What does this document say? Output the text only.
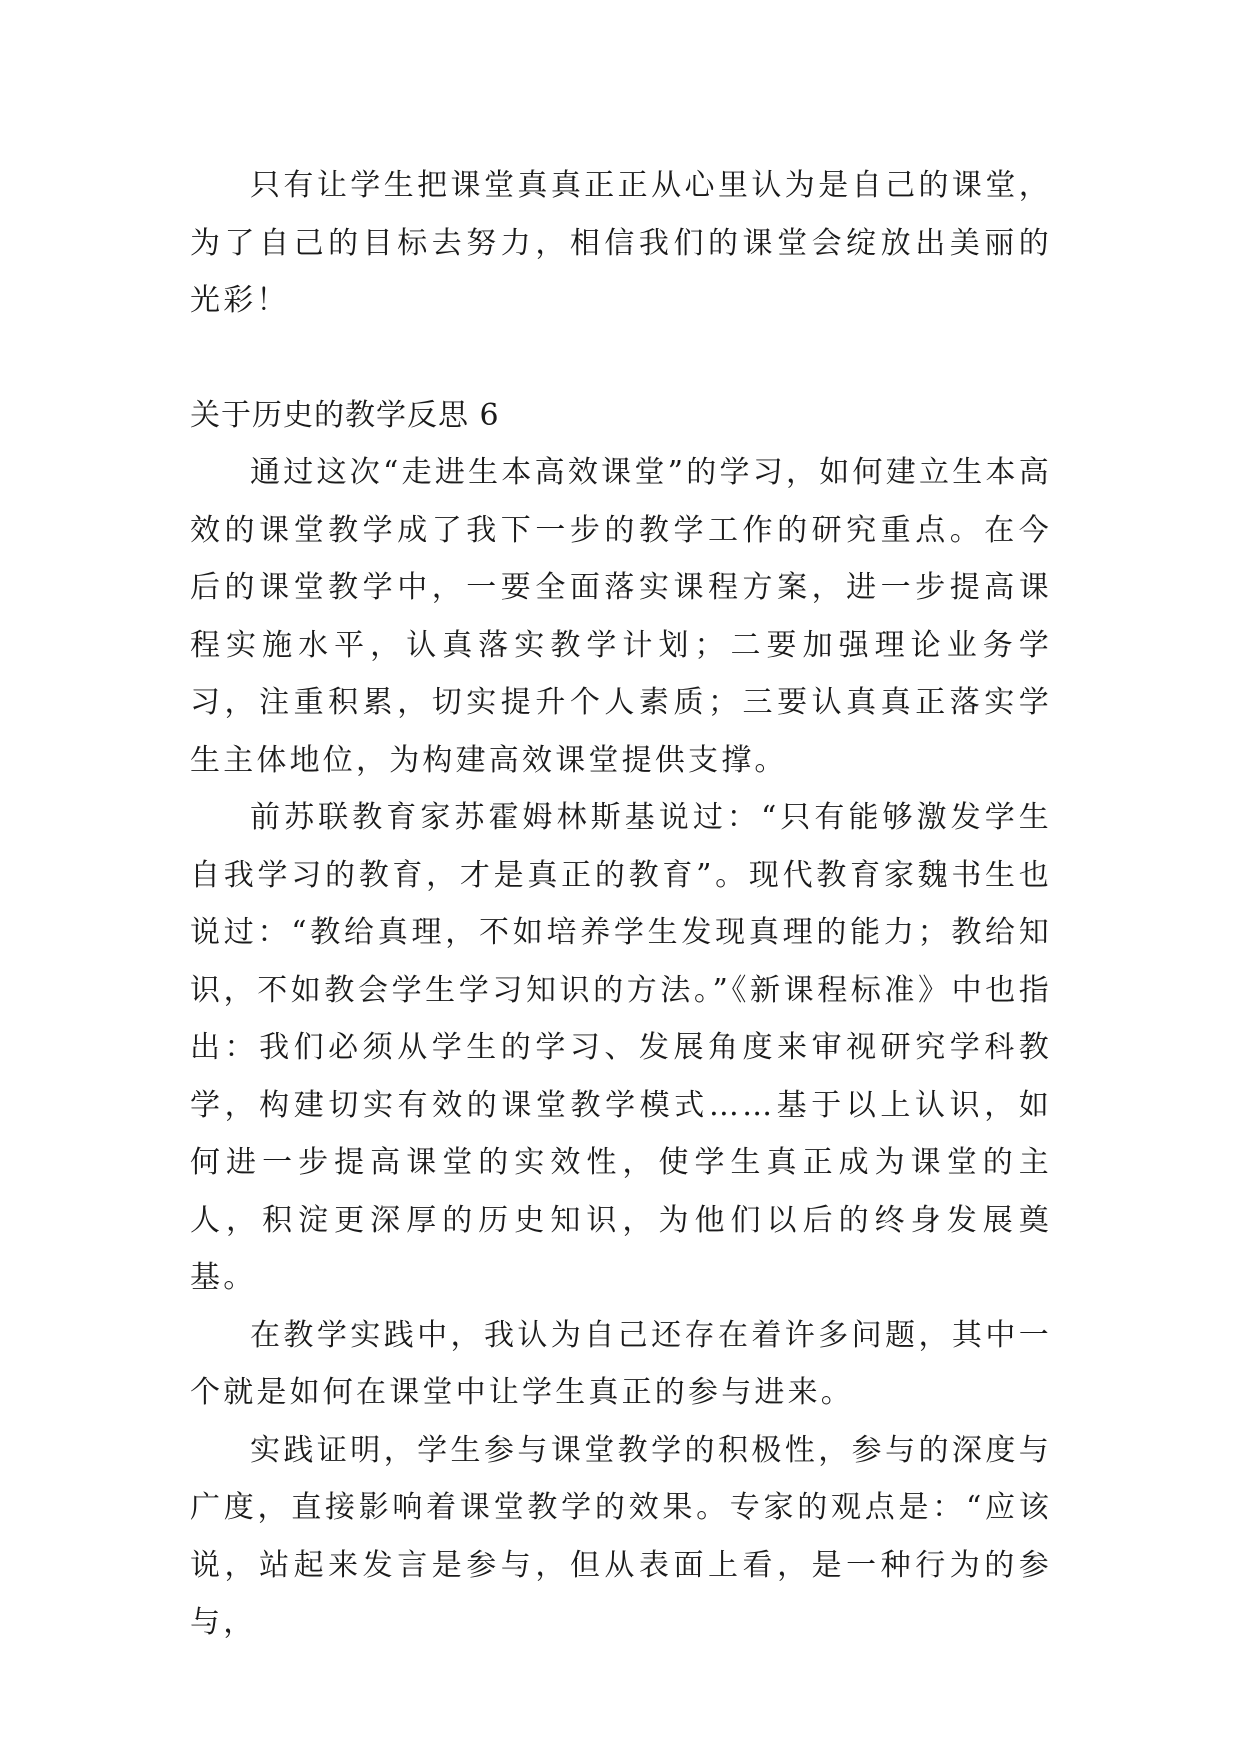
只有让学生把课堂真真正正从心里认为是自己的课堂，为了自己的目标去努力，相信我们的课堂会绽放出美丽的光彩！

关于历史的教学反思 6

通过这次“走进生本高效课堂”的学习，如何建立生本高效的课堂教学成了我下一步的教学工作的研究重点。在今后的课堂教学中，一要全面落实课程方案，进一步提高课程实施水平，认真落实教学计划；二要加强理论业务学习，注重积累，切实提升个人素质；三要认真真正落实学生主体地位，为构建高效课堂提供支撑。

前苏联教育家苏霍姆林斯基说过：“只有能够激发学生自我学习的教育，才是真正的教育”。现代教育家魏书生也说过：“教给真理，不如培养学生发现真理的能力；教给知识，不如教会学生学习知识的方法。”《新课程标准》中也指出：我们必须从学生的学习、发展角度来审视研究学科教学，构建切实有效的课堂教学模式……基于以上认识，如何进一步提高课堂的实效性，使学生真正成为课堂的主人，积淀更深厚的历史知识，为他们以后的终身发展奠基。

在教学实践中，我认为自己还存在着许多问题，其中一个就是如何在课堂中让学生真正的参与进来。

实践证明，学生参与课堂教学的积极性，参与的深度与广度，直接影响着课堂教学的效果。专家的观点是：“应该说，站起来发言是参与，但从表面上看，是一种行为的参与，
